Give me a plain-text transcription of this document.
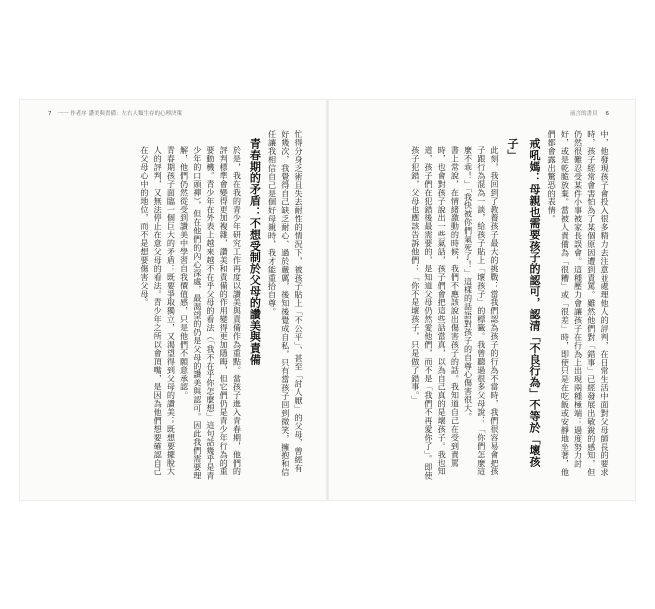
7 一一 作者序 讚美與責備：左右人類生存的心理決策

忙得分身乏術且失去耐性的情況下，被孩子貼上「不公平」、甚至「討人厭」的父母，曾經有好幾次，我覺得自己缺乏耐心、過於嚴厲，後知後覺成自私，只有當孩子回到微笑，擁抱和信任讓我相信自己是個好母親時，我才能重拾自尊。

青春期的矛盾：不想受制於父母的讚美與責備

於是，我在我的青少年研究工作再度以讚美與責備作為重點。當孩子進入青春期，他們的評判標準會變得更加複雜，讚美和責備的作用變得更加隱晦，但它們仍是青少年行為的重要動機。青少年在外表上越來越不在乎父母的看法（「我不在乎你怎麼想」這句話幾乎是青少年的口頭禪），但在他們的內心深處，最渴望的仍是父母的讚美與認可。因此我們需要理解，他們仍然從受到讚美中學習自我價值感，只是他們不願意承認。

青春期孩子面臨一個巨大的矛盾：既要爭取獨立，又渴望得到父母的讚美；既想要擺脫大人的評判，又無法停止在意父母的看法。青少年之所以會頂嘴，是因為他們想要確認自己在父母心中的地位，而不是想要傷害父母。

前言的書頁 6

中，他發現孩子會投入很多精力去注意並處理他人的評判，在日常生活中面對父母師長的要求時，孩子經常會害怕為了某個原因遭到責罵。雖然他們對「錯事」已經發展出敏銳的感知，但仍然很難忍受某件小事被家長誤會。這種壓力會讓孩子在行為上出現兩種極端：過度努力討好，或是乾脆放棄。當被人責備為「很糟」或「很差」時，即使只是在吃飯或安靜地坐著，他們都會露出驚恐的表情。

戒吼媽：母親也需要孩子的認可，認清「不良行為」不等於「壞孩子」

此刻，我回到了教養孩子最大的挑戰：當我們認為孩子的行為不當時，我們很容易會把孩子跟行為混為一談，給孩子貼上「壞孩子」的標籤。我曾聽過很多父母說：「你們怎麼這麼不乖！」「我快被你們氣死了！」這樣的話語對孩子的自尊心傷害很大。

書上常說，在情緒激動的時候，我們不應該說出傷害孩子的話。我知道自己在受到責罵時，也會對孩子說出一些氣話，孩子們會把這些話當真，以為自己真的是壞孩子。我也知道，孩子們在犯錯後最需要的，是知道父母仍然愛他們，而不是「我們不再愛你了」。即使孩子犯錯，父母也應該告訴他們：「你不是壞孩子，只是做了錯事。」
